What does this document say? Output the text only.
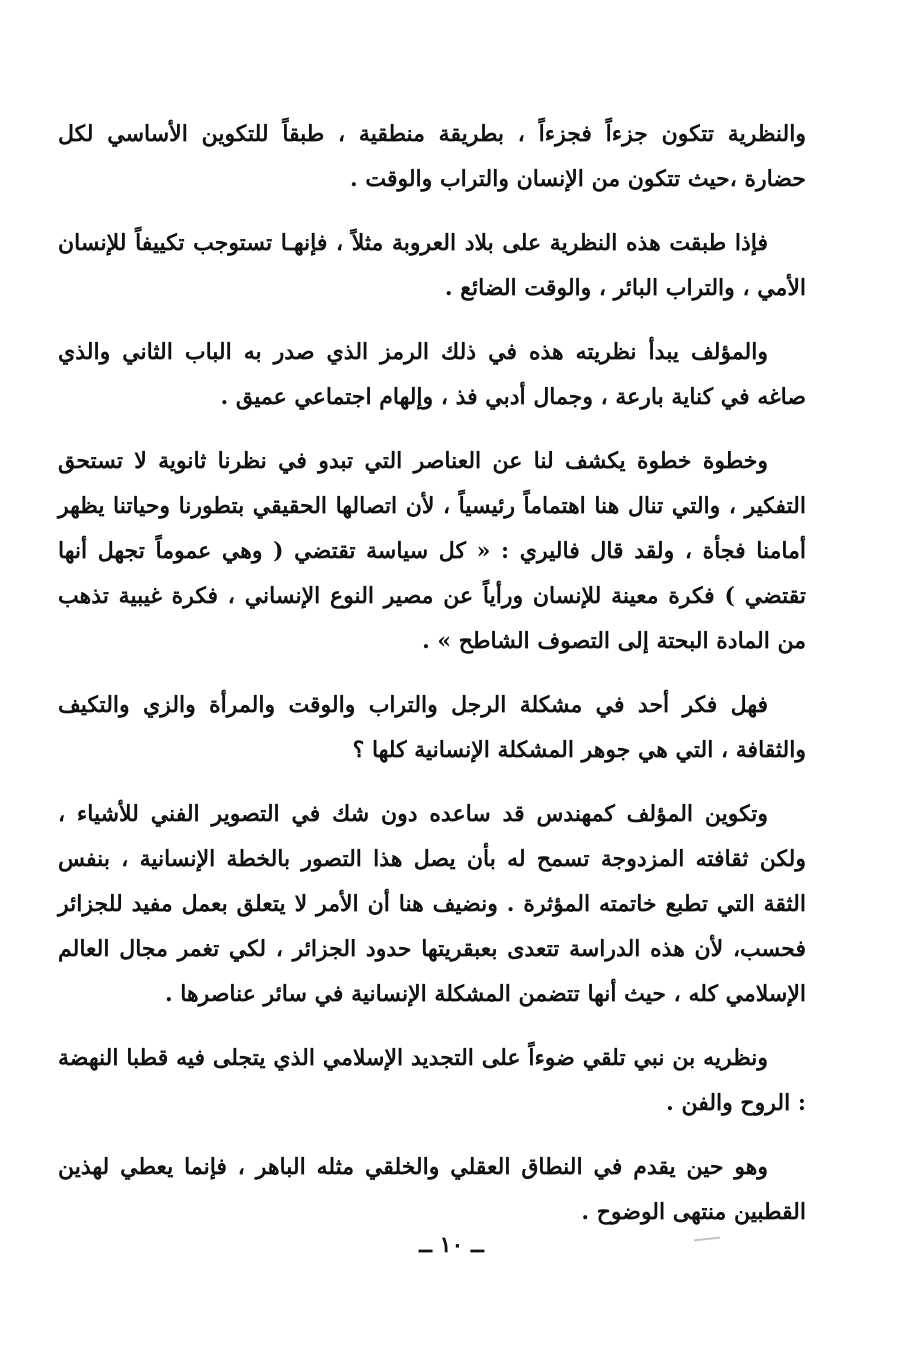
والنظرية تتكون جزءاً فجزءاً ، بطريقة منطقية ، طبقاً للتكوين الأساسي لكل حضارة ،حيث تتكون من الإنسان والتراب والوقت .

فإذا طبقت هذه النظرية على بلاد العروبة مثلاً ، فإنهـا تستوجب تكييفاً للإنسان الأمي ، والتراب البائر ، والوقت الضائع .

والمؤلف يبدأ نظريته هذه في ذلك الرمز الذي صدر به الباب الثاني والذي صاغه في كناية بارعة ، وجمال أدبي فذ ، وإلهام اجتماعي عميق .

وخطوة خطوة يكشف لنا عن العناصر التي تبدو في نظرنا ثانوية لا تستحق التفكير ، والتي تنال هنا اهتماماً رئيسياً ، لأن اتصالها الحقيقي بتطورنا وحياتنا يظهر أمامنا فجأة ، ولقد قال فاليري : « كل سياسة تقتضي ( وهي عموماً تجهل أنها تقتضي ) فكرة معينة للإنسان ورأياً عن مصير النوع الإنساني ، فكرة غيبية تذهب من المادة البحتة إلى التصوف الشاطح » .

فهل فكر أحد في مشكلة الرجل والتراب والوقت والمرأة والزي والتكيف والثقافة ، التي هي جوهر المشكلة الإنسانية كلها ؟

وتكوين المؤلف كمهندس قد ساعده دون شك في التصوير الفني للأشياء ، ولكن ثقافته المزدوجة تسمح له بأن يصل هذا التصور بالخطة الإنسانية ، بنفس الثقة التي تطبع خاتمته المؤثرة . ونضيف هنا أن الأمر لا يتعلق بعمل مفيد للجزائر فحسب، لأن هذه الدراسة تتعدى بعبقريتها حدود الجزائر ، لكي تغمر مجال العالم الإسلامي كله ، حيث أنها تتضمن المشكلة الإنسانية في سائر عناصرها .

ونظريه بن نبي تلقي ضوءاً على التجديد الإسلامي الذي يتجلى فيه قطبا النهضة : الروح والفن .

وهو حين يقدم في النطاق العقلي والخلقي مثله الباهر ، فإنما يعطي لهذين القطبين منتهى الوضوح .

ــ ١٠ ــ
